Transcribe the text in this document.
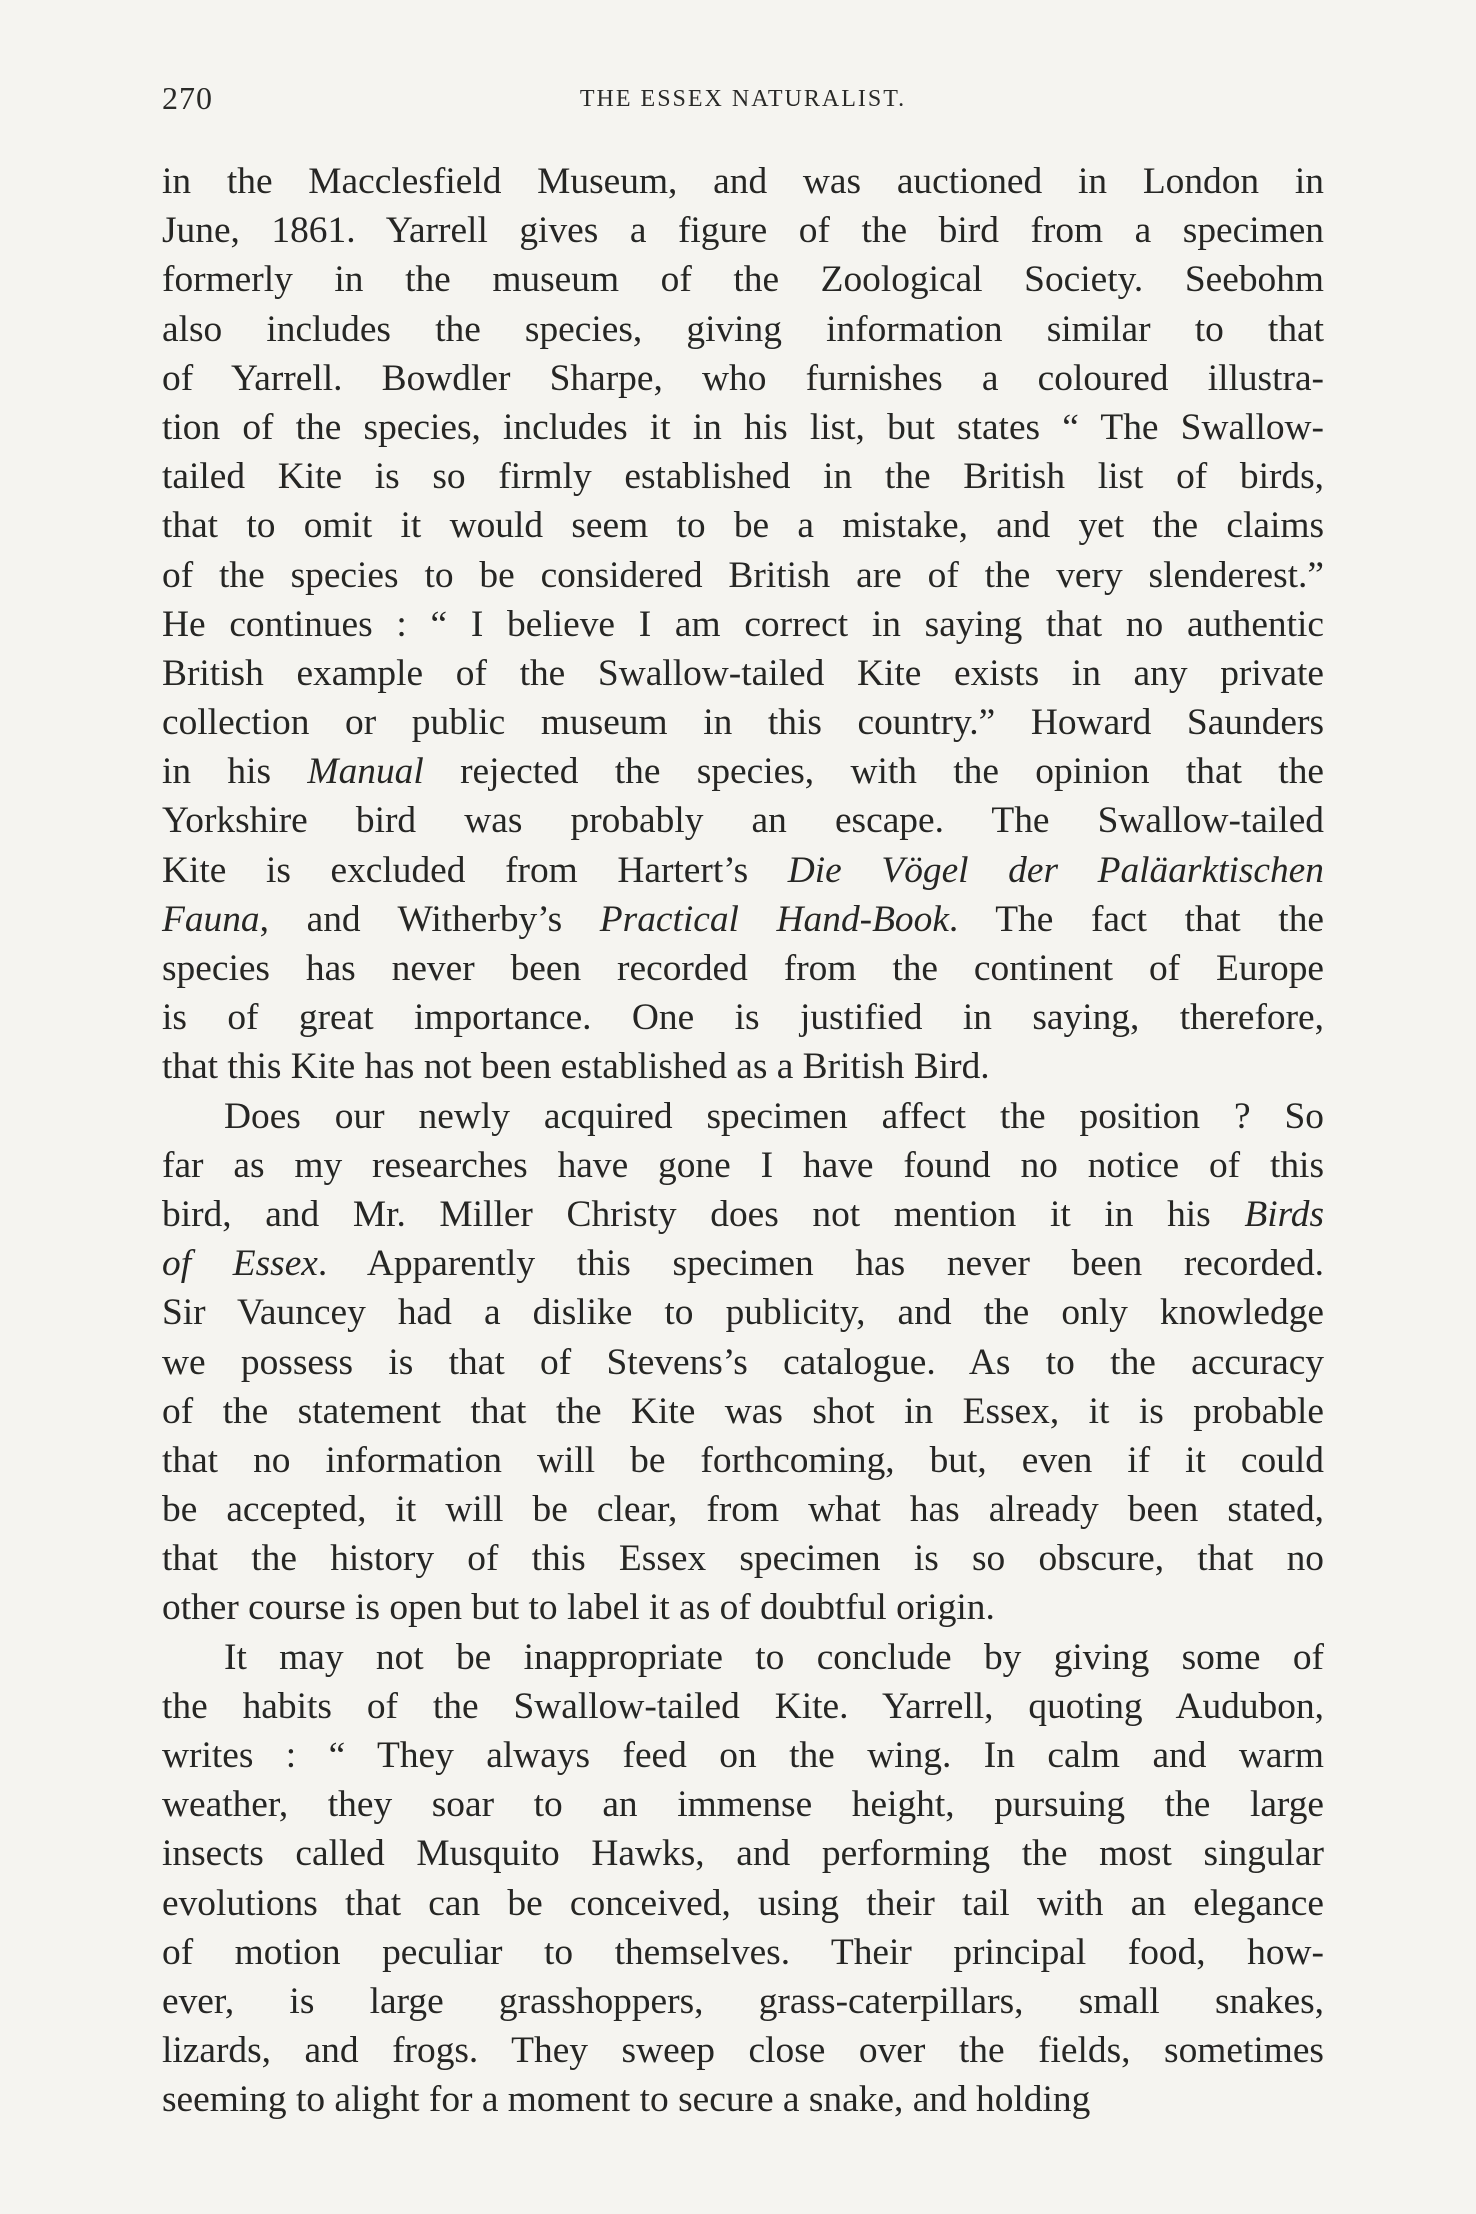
270	THE ESSEX NATURALIST.

in the Macclesfield Museum, and was auctioned in London in
June, 1861. Yarrell gives a figure of the bird from a specimen
formerly in the museum of the Zoological Society. Seebohm
also includes the species, giving information similar to that
of Yarrell. Bowdler Sharpe, who furnishes a coloured illustra-
tion of the species, includes it in his list, but states “ The Swallow-
tailed Kite is so firmly established in the British list of birds,
that to omit it would seem to be a mistake, and yet the claims
of the species to be considered British are of the very slenderest.”
He continues : “ I believe I am correct in saying that no authentic
British example of the Swallow-tailed Kite exists in any private
collection or public museum in this country.” Howard Saunders
in his Manual rejected the species, with the opinion that the
Yorkshire bird was probably an escape. The Swallow-tailed
Kite is excluded from Hartert’s Die Vögel der Paläarktischen
Fauna, and Witherby’s Practical Hand-Book. The fact that the
species has never been recorded from the continent of Europe
is of great importance. One is justified in saying, therefore,
that this Kite has not been established as a British Bird.

Does our newly acquired specimen affect the position ? So
far as my researches have gone I have found no notice of this
bird, and Mr. Miller Christy does not mention it in his Birds
of Essex. Apparently this specimen has never been recorded.
Sir Vauncey had a dislike to publicity, and the only knowledge
we possess is that of Stevens’s catalogue. As to the accuracy
of the statement that the Kite was shot in Essex, it is probable
that no information will be forthcoming, but, even if it could
be accepted, it will be clear, from what has already been stated,
that the history of this Essex specimen is so obscure, that no
other course is open but to label it as of doubtful origin.

It may not be inappropriate to conclude by giving some of
the habits of the Swallow-tailed Kite. Yarrell, quoting Audubon,
writes : “ They always feed on the wing. In calm and warm
weather, they soar to an immense height, pursuing the large
insects called Musquito Hawks, and performing the most singular
evolutions that can be conceived, using their tail with an elegance
of motion peculiar to themselves. Their principal food, how-
ever, is large grasshoppers, grass-caterpillars, small snakes,
lizards, and frogs. They sweep close over the fields, sometimes
seeming to alight for a moment to secure a snake, and holding
